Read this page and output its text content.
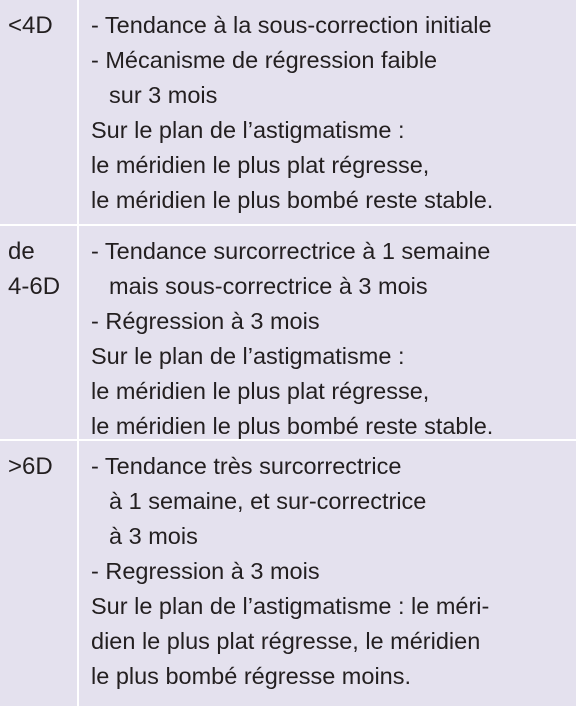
<4D	- Tendance à la sous-correction initiale
- Mécanisme de régression faible
sur 3 mois
Sur le plan de l’astigmatisme :
le méridien le plus plat régresse,
le méridien le plus bombé reste stable.
de
4-6D
- Tendance surcorrectrice à 1 semaine
mais sous-correctrice à 3 mois
- Régression à 3 mois
Sur le plan de l’astigmatisme :
le méridien le plus plat régresse,
le méridien le plus bombé reste stable.
>6D	- Tendance très surcorrectrice
à 1 semaine, et sur-correctrice
à 3 mois
- Regression à 3 mois
Sur le plan de l’astigmatisme : le méri-
dien le plus plat régresse, le méridien
le plus bombé régresse moins.
